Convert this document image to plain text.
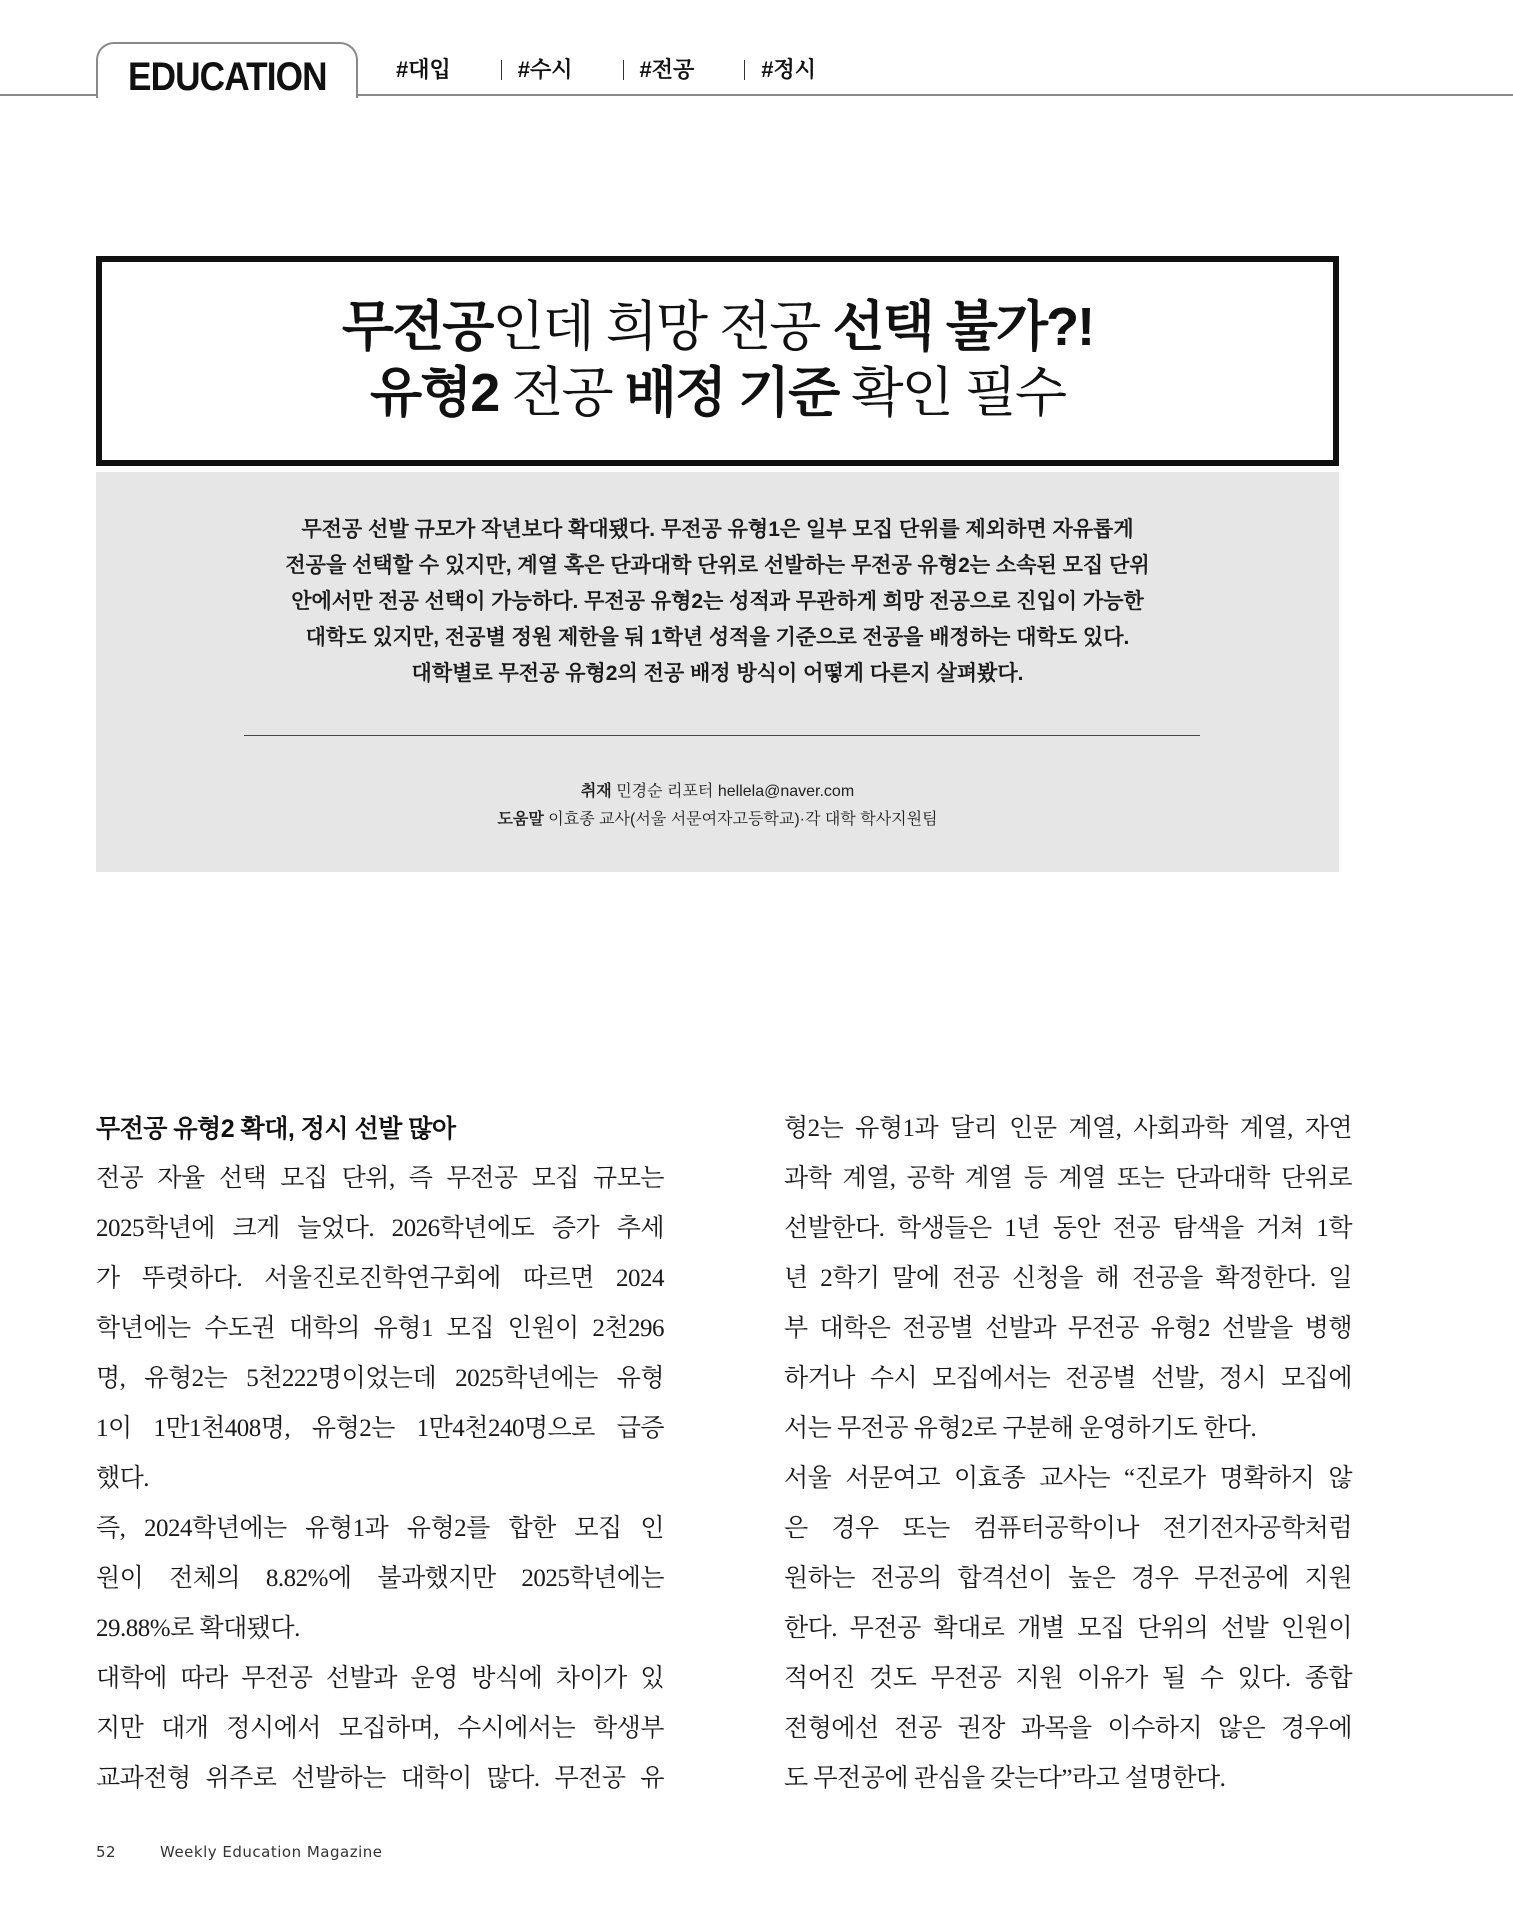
EDUCATION	#대입	#수시	#전공	#정시
무전공인데 희망 전공 선택 불가?!
유형2 전공 배정 기준 확인 필수
무전공 선발 규모가 작년보다 확대됐다. 무전공 유형1은 일부 모집 단위를 제외하면 자유롭게
전공을 선택할 수 있지만, 계열 혹은 단과대학 단위로 선발하는 무전공 유형2는 소속된 모집 단위
안에서만 전공 선택이 가능하다. 무전공 유형2는 성적과 무관하게 희망 전공으로 진입이 가능한
대학도 있지만, 전공별 정원 제한을 둬 1학년 성적을 기준으로 전공을 배정하는 대학도 있다.
대학별로 무전공 유형2의 전공 배정 방식이 어떻게 다른지 살펴봤다.
취재 민경순 리포터 hellela@naver.com
도움말 이효종 교사(서울 서문여자고등학교)·각 대학 학사지원팀
무전공 유형2 확대, 정시 선발 많아
전공 자율 선택 모집 단위, 즉 무전공 모집 규모는
2025학년에 크게 늘었다. 2026학년에도 증가 추세
가 뚜렷하다. 서울진로진학연구회에 따르면 2024
학년에는 수도권 대학의 유형1 모집 인원이 2천296
명, 유형2는 5천222명이었는데 2025학년에는 유형
1이 1만1천408명, 유형2는 1만4천240명으로 급증
했다.
즉, 2024학년에는 유형1과 유형2를 합한 모집 인
원이 전체의 8.82%에 불과했지만 2025학년에는
29.88%로 확대됐다.
대학에 따라 무전공 선발과 운영 방식에 차이가 있
지만 대개 정시에서 모집하며, 수시에서는 학생부
교과전형 위주로 선발하는 대학이 많다. 무전공 유
형2는 유형1과 달리 인문 계열, 사회과학 계열, 자연
과학 계열, 공학 계열 등 계열 또는 단과대학 단위로
선발한다. 학생들은 1년 동안 전공 탐색을 거쳐 1학
년 2학기 말에 전공 신청을 해 전공을 확정한다. 일
부 대학은 전공별 선발과 무전공 유형2 선발을 병행
하거나 수시 모집에서는 전공별 선발, 정시 모집에
서는 무전공 유형2로 구분해 운영하기도 한다.
서울 서문여고 이효종 교사는 “진로가 명확하지 않
은 경우 또는 컴퓨터공학이나 전기전자공학처럼
원하는 전공의 합격선이 높은 경우 무전공에 지원
한다. 무전공 확대로 개별 모집 단위의 선발 인원이
적어진 것도 무전공 지원 이유가 될 수 있다. 종합
전형에선 전공 권장 과목을 이수하지 않은 경우에
도 무전공에 관심을 갖는다”라고 설명한다.
52	Weekly Education Magazine
